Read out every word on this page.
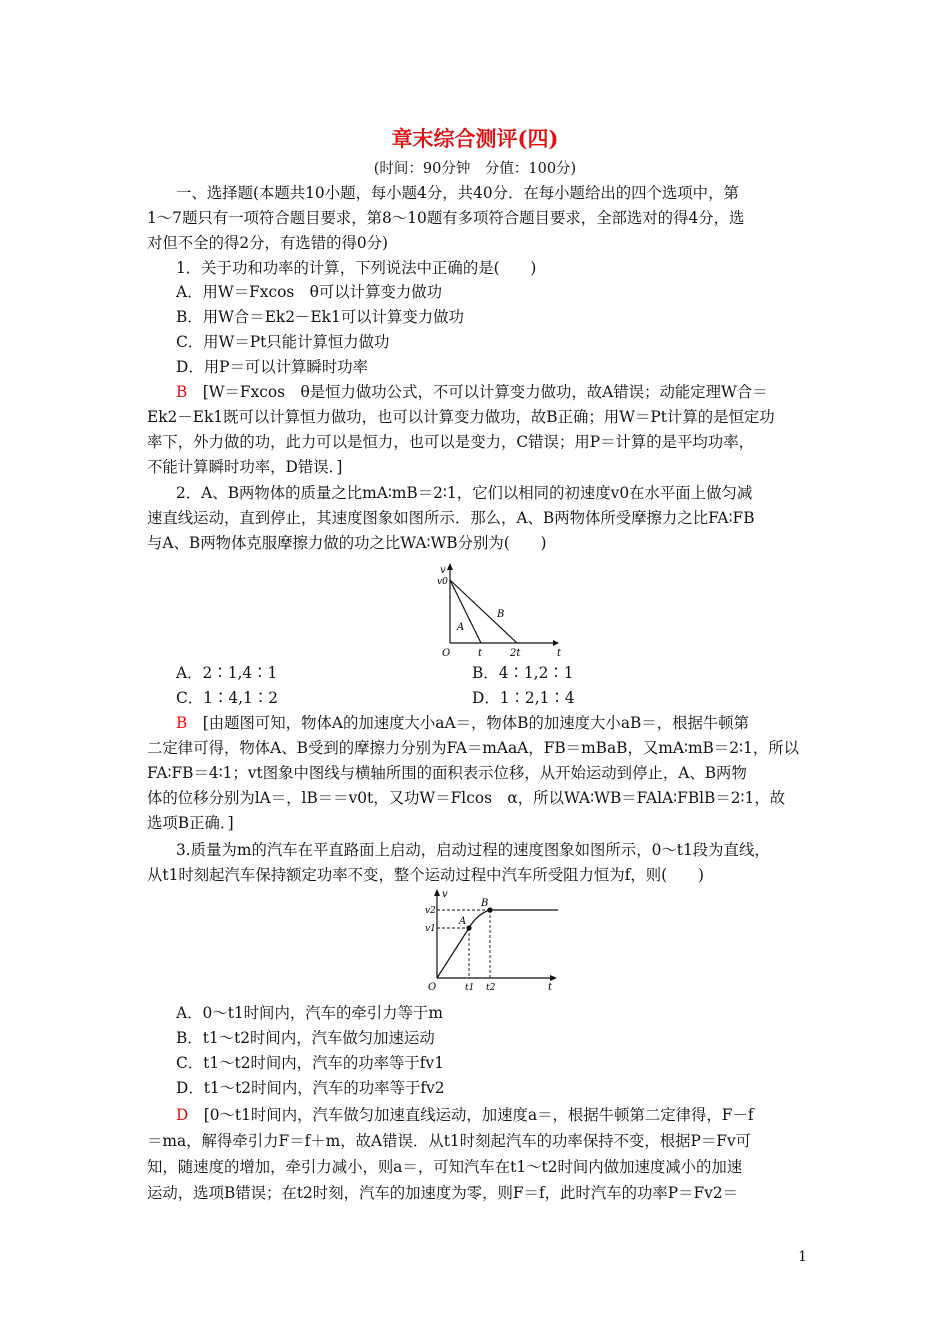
章末综合测评(四)
(时间：90分钟　分值：100分)
一、选择题(本题共10小题，每小题4分，共40分．在每小题给出的四个选项中，第
1～7题只有一项符合题目要求，第8～10题有多项符合题目要求，全部选对的得4分，选
对但不全的得2分，有选错的得0分)
1．关于功和功率的计算，下列说法中正确的是(　　)
A．用W＝Fxcos　θ可以计算变力做功
B．用W合＝Ek2－Ek1可以计算变力做功
C．用W＝Pt只能计算恒力做功
D．用P＝可以计算瞬时功率
B　 [W＝Fxcos　θ是恒力做功公式，不可以计算变力做功，故A错误；动能定理W合＝
Ek2－Ek1既可以计算恒力做功，也可以计算变力做功，故B正确；用W＝Pt计算的是恒定功
率下，外力做的功，此力可以是恒力，也可以是变力，C错误；用P＝计算的是平均功率，
不能计算瞬时功率，D错误．]
2．A、B两物体的质量之比mA∶mB＝2∶1，它们以相同的初速度v0在水平面上做匀减
速直线运动，直到停止，其速度图象如图所示．那么，A、B两物体所受摩擦力之比FA∶FB
与A、B两物体克服摩擦力做的功之比WA∶WB分别为(　　)
v
v0
O	t	2t	t
A
B
A．2∶1,4∶1	B．4∶1,2∶1
C．1∶4,1∶2	D．1∶2,1∶4
B　 [由题图可知，物体A的加速度大小aA＝，物体B的加速度大小aB＝，根据牛顿第
二定律可得，物体A、B受到的摩擦力分别为FA＝mAaA，FB＝mBaB，又mA∶mB＝2∶1，所以
FA∶FB＝4∶1；vt图象中图线与横轴所围的面积表示位移，从开始运动到停止，A、B两物
体的位移分别为lA＝，lB＝＝v0t，又功W＝Flcos　α，所以WA∶WB＝FAlA∶FBlB＝2∶1，故
选项B正确．]
3.质量为m的汽车在平直路面上启动，启动过程的速度图象如图所示，0～t1段为直线，
从t1时刻起汽车保持额定功率不变，整个运动过程中汽车所受阻力恒为f，则(　　)
v
v2
v1
A
B
O	t1 t2	t
A．0～t1时间内，汽车的牵引力等于m
B．t1～t2时间内，汽车做匀加速运动
C．t1～t2时间内，汽车的功率等于fv1
D．t1～t2时间内，汽车的功率等于fv2
D　 [0～t1时间内，汽车做匀加速直线运动，加速度a＝，根据牛顿第二定律得，F－f
＝ma，解得牵引力F＝f＋m，故A错误．从t1时刻起汽车的功率保持不变，根据P＝Fv可
知，随速度的增加，牵引力减小，则a＝，可知汽车在t1～t2时间内做加速度减小的加速
运动，选项B错误；在t2时刻，汽车的加速度为零，则F＝f，此时汽车的功率P＝Fv2＝
1
